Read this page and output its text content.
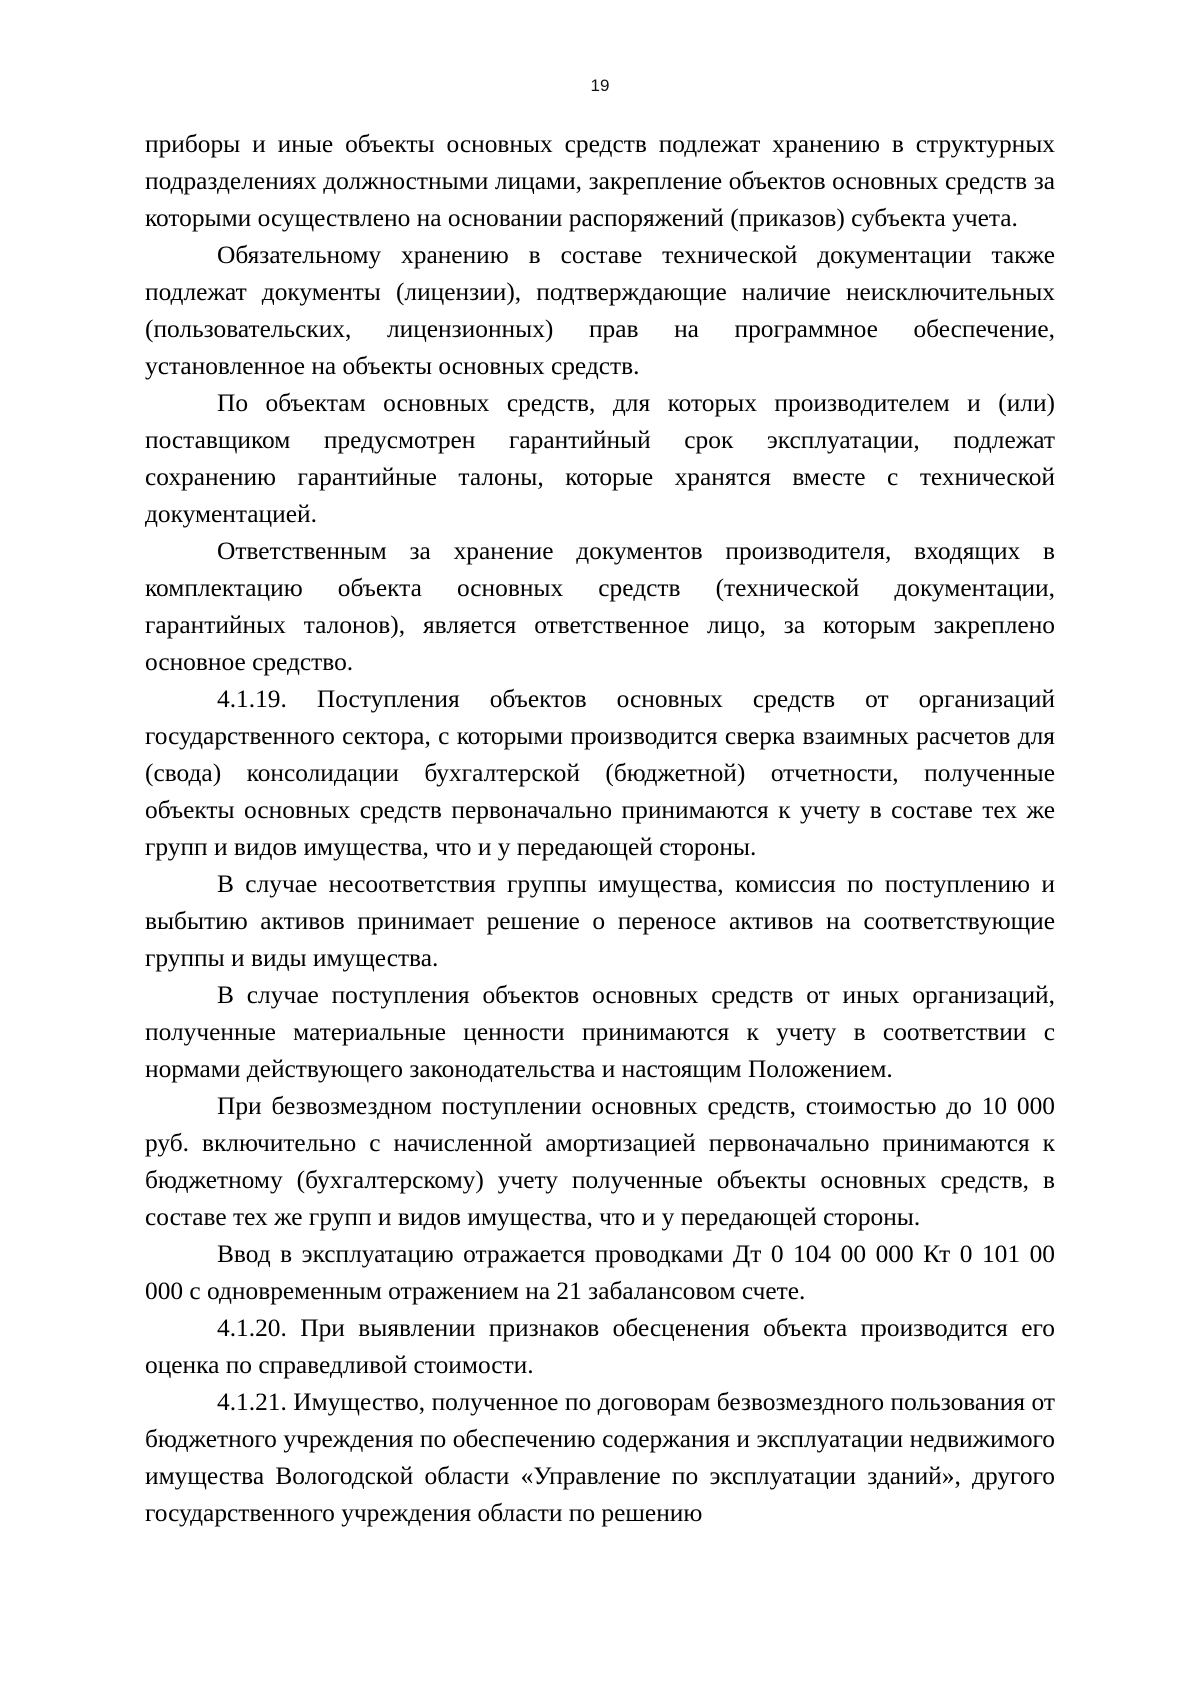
19

приборы и иные объекты основных средств подлежат хранению в структурных подразделениях должностными лицами, закрепление объектов основных средств за которыми осуществлено на основании распоряжений (приказов) субъекта учета.

Обязательному хранению в составе технической документации также подлежат документы (лицензии), подтверждающие наличие неисключительных (пользовательских, лицензионных) прав на программное обеспечение, установленное на объекты основных средств.

По объектам основных средств, для которых производителем и (или) поставщиком предусмотрен гарантийный срок эксплуатации, подлежат сохранению гарантийные талоны, которые хранятся вместе с технической документацией.

Ответственным за хранение документов производителя, входящих в комплектацию объекта основных средств (технической документации, гарантийных талонов), является ответственное лицо, за которым закреплено основное средство.

4.1.19. Поступления объектов основных средств от организаций государственного сектора, с которыми производится сверка взаимных расчетов для (свода) консолидации бухгалтерской (бюджетной) отчетности, полученные объекты основных средств первоначально принимаются к учету в составе тех же групп и видов имущества, что и у передающей стороны.

В случае несоответствия группы имущества, комиссия по поступлению и выбытию активов принимает решение о переносе активов на соответствующие группы и виды имущества.

В случае поступления объектов основных средств от иных организаций, полученные материальные ценности принимаются к учету в соответствии с нормами действующего законодательства и настоящим Положением.

При безвозмездном поступлении основных средств, стоимостью до 10 000 руб. включительно с начисленной амортизацией первоначально принимаются к бюджетному (бухгалтерскому) учету полученные объекты основных средств, в составе тех же групп и видов имущества, что и у передающей стороны.

Ввод в эксплуатацию отражается проводками Дт 0 104 00 000 Кт 0 101 00 000 с одновременным отражением на 21 забалансовом счете.

4.1.20. При выявлении признаков обесценения объекта производится его оценка по справедливой стоимости.

4.1.21. Имущество, полученное по договорам безвозмездного пользования от бюджетного учреждения по обеспечению содержания и эксплуатации недвижимого имущества Вологодской области «Управление по эксплуатации зданий», другого государственного учреждения области по решению
